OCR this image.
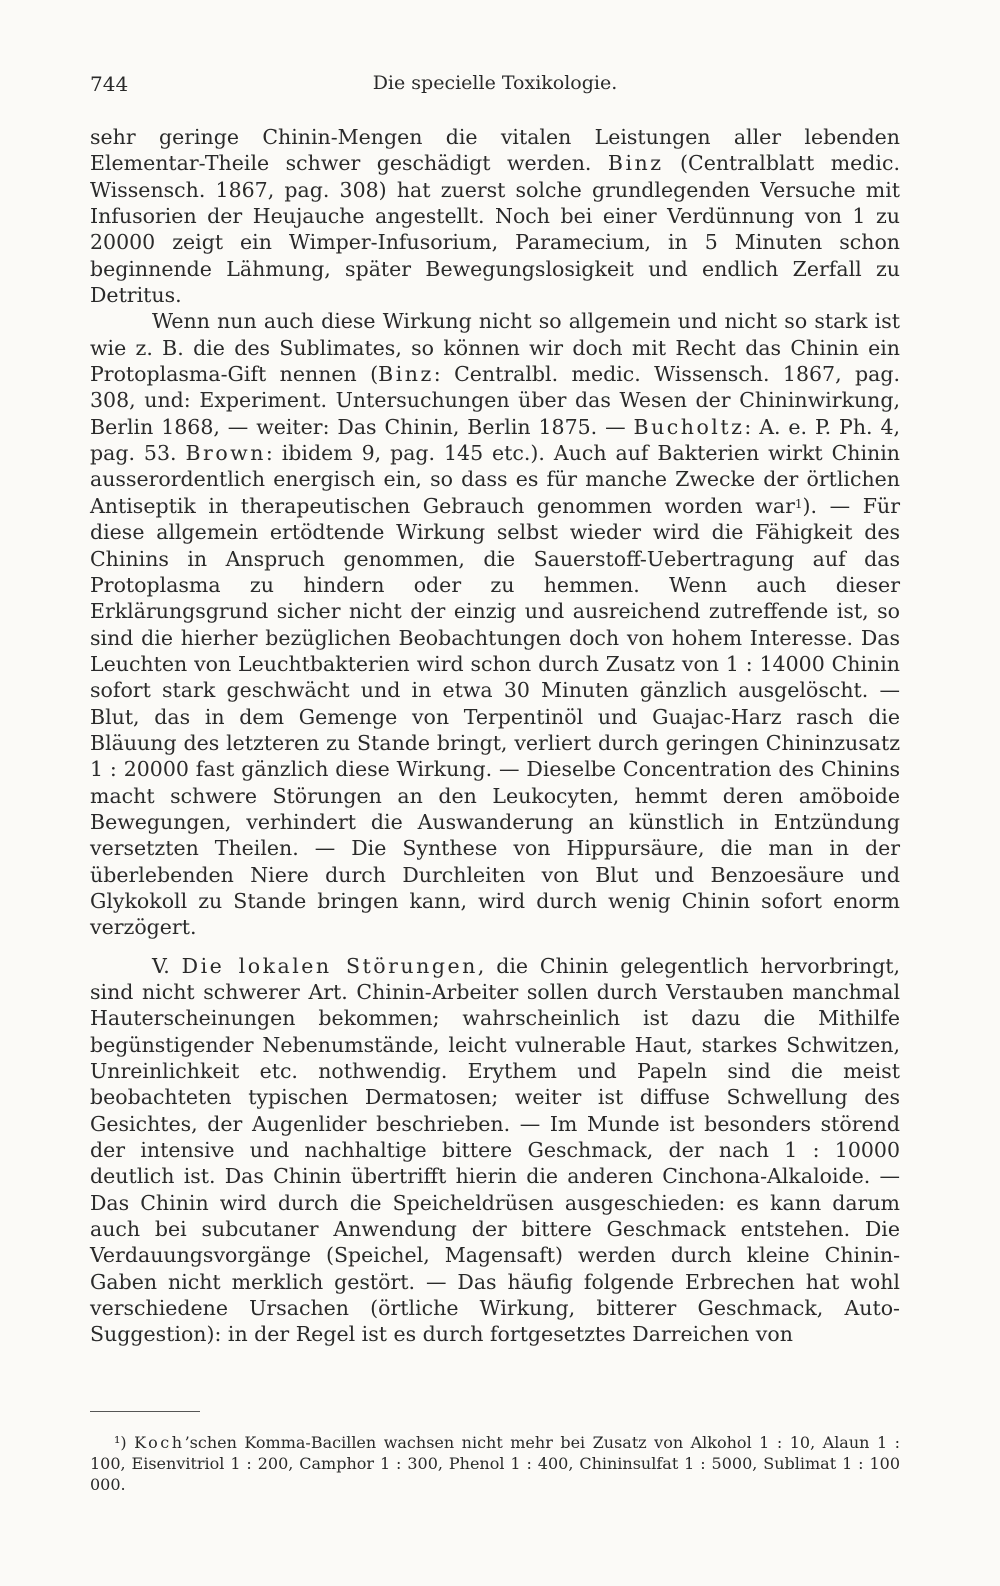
744	Die specielle Toxikologie.

sehr geringe Chinin-Mengen die vitalen Leistungen aller lebenden Elementar-Theile schwer geschädigt werden. Binz (Centralblatt medic. Wissensch. 1867, pag. 308) hat zuerst solche grundlegenden Versuche mit Infusorien der Heujauche angestellt. Noch bei einer Verdünnung von 1 zu 20000 zeigt ein Wimper-Infusorium, Paramecium, in 5 Minuten schon beginnende Lähmung, später Bewegungslosigkeit und endlich Zerfall zu Detritus.

Wenn nun auch diese Wirkung nicht so allgemein und nicht so stark ist wie z. B. die des Sublimates, so können wir doch mit Recht das Chinin ein Protoplasma-Gift nennen (Binz: Centralbl. medic. Wissensch. 1867, pag. 308, und: Experiment. Untersuchungen über das Wesen der Chininwirkung, Berlin 1868, — weiter: Das Chinin, Berlin 1875. — Bucholtz: A. e. P. Ph. 4, pag. 53. Brown: ibidem 9, pag. 145 etc.). Auch auf Bakterien wirkt Chinin ausserordentlich energisch ein, so dass es für manche Zwecke der örtlichen Antiseptik in therapeutischen Gebrauch genommen worden war$^1$). — Für diese allgemein ertödtende Wirkung selbst wieder wird die Fähigkeit des Chinins in Anspruch genommen, die Sauerstoff-Uebertragung auf das Protoplasma zu hindern oder zu hemmen. Wenn auch dieser Erklärungsgrund sicher nicht der einzig und ausreichend zutreffende ist, so sind die hierher bezüglichen Beobachtungen doch von hohem Interesse. Das Leuchten von Leuchtbakterien wird schon durch Zusatz von 1 : 14000 Chinin sofort stark geschwächt und in etwa 30 Minuten gänzlich ausgelöscht. — Blut, das in dem Gemenge von Terpentinöl und Guajac-Harz rasch die Bläuung des letzteren zu Stande bringt, verliert durch geringen Chininzusatz 1 : 20000 fast gänzlich diese Wirkung. — Dieselbe Concentration des Chinins macht schwere Störungen an den Leukocyten, hemmt deren amöboide Bewegungen, verhindert die Auswanderung an künstlich in Entzündung versetzten Theilen. — Die Synthese von Hippursäure, die man in der überlebenden Niere durch Durchleiten von Blut und Benzoesäure und Glykokoll zu Stande bringen kann, wird durch wenig Chinin sofort enorm verzögert.

V. Die lokalen Störungen, die Chinin gelegentlich hervorbringt, sind nicht schwerer Art. Chinin-Arbeiter sollen durch Verstauben manchmal Hauterscheinungen bekommen; wahrscheinlich ist dazu die Mithilfe begünstigender Nebenumstände, leicht vulnerable Haut, starkes Schwitzen, Unreinlichkeit etc. nothwendig. Erythem und Papeln sind die meist beobachteten typischen Dermatosen; weiter ist diffuse Schwellung des Gesichtes, der Augenlider beschrieben. — Im Munde ist besonders störend der intensive und nachhaltige bittere Geschmack, der nach 1 : 10000 deutlich ist. Das Chinin übertrifft hierin die anderen Cinchona-Alkaloide. — Das Chinin wird durch die Speicheldrüsen ausgeschieden: es kann darum auch bei subcutaner Anwendung der bittere Geschmack entstehen. Die Verdauungsvorgänge (Speichel, Magensaft) werden durch kleine Chinin-Gaben nicht merklich gestört. — Das häufig folgende Erbrechen hat wohl verschiedene Ursachen (örtliche Wirkung, bitterer Geschmack, Auto-Suggestion): in der Regel ist es durch fortgesetztes Darreichen von

¹) Koch’schen Komma-Bacillen wachsen nicht mehr bei Zusatz von Alkohol 1 : 10, Alaun 1 : 100, Eisenvitriol 1 : 200, Camphor 1 : 300, Phenol 1 : 400, Chininsulfat 1 : 5000, Sublimat 1 : 100 000.
